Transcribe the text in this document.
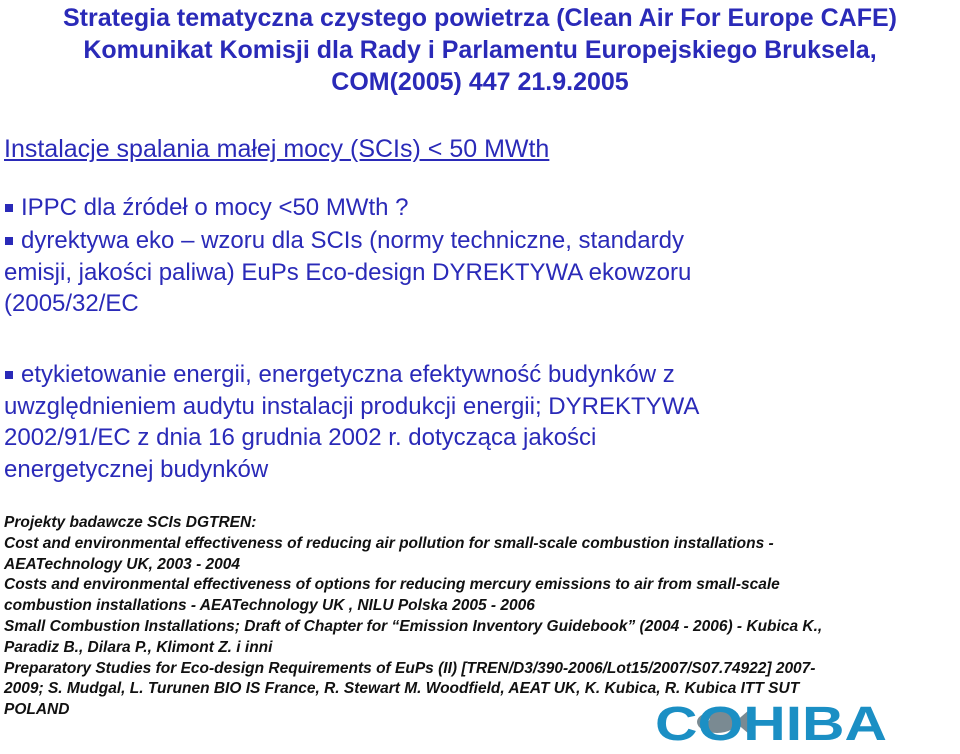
Strategia tematyczna czystego powietrza (Clean Air For Europe CAFE)
Komunikat Komisji dla Rady i Parlamentu Europejskiego Bruksela,
COM(2005) 447 21.9.2005
Instalacje spalania małej mocy (SCIs) < 50 MWth
IPPC dla źródeł o mocy <50 MWth ?
dyrektywa eko – wzoru dla SCIs (normy techniczne, standardy
emisji, jakości paliwa) EuPs Eco-design DYREKTYWA ekowzoru
(2005/32/EC
etykietowanie energii, energetyczna efektywność budynków z
uwzględnieniem audytu instalacji produkcji energii; DYREKTYWA
2002/91/EC z dnia 16 grudnia 2002 r. dotycząca jakości
energetycznej budynków
Projekty badawcze SCIs DGTREN:
Cost and environmental effectiveness of reducing air pollution for small-scale combustion installations -
AEATechnology UK, 2003 - 2004
Costs and environmental effectiveness of options for reducing mercury emissions to air from small-scale
combustion installations - AEATechnology UK , NILU Polska 2005 - 2006
Small Combustion Installations; Draft of Chapter for “Emission Inventory Guidebook” (2004 - 2006) - Kubica K.,
Paradiz B., Dilara P., Klimont Z. i inni
Preparatory Studies for Eco-design Requirements of EuPs (II) [TREN/D3/390-2006/Lot15/2007/S07.74922] 2007-
2009; S. Mudgal, L. Turunen BIO IS France, R. Stewart M. Woodfield, AEAT UK, K. Kubica, R. Kubica ITT SUT
POLAND	COHIBA
